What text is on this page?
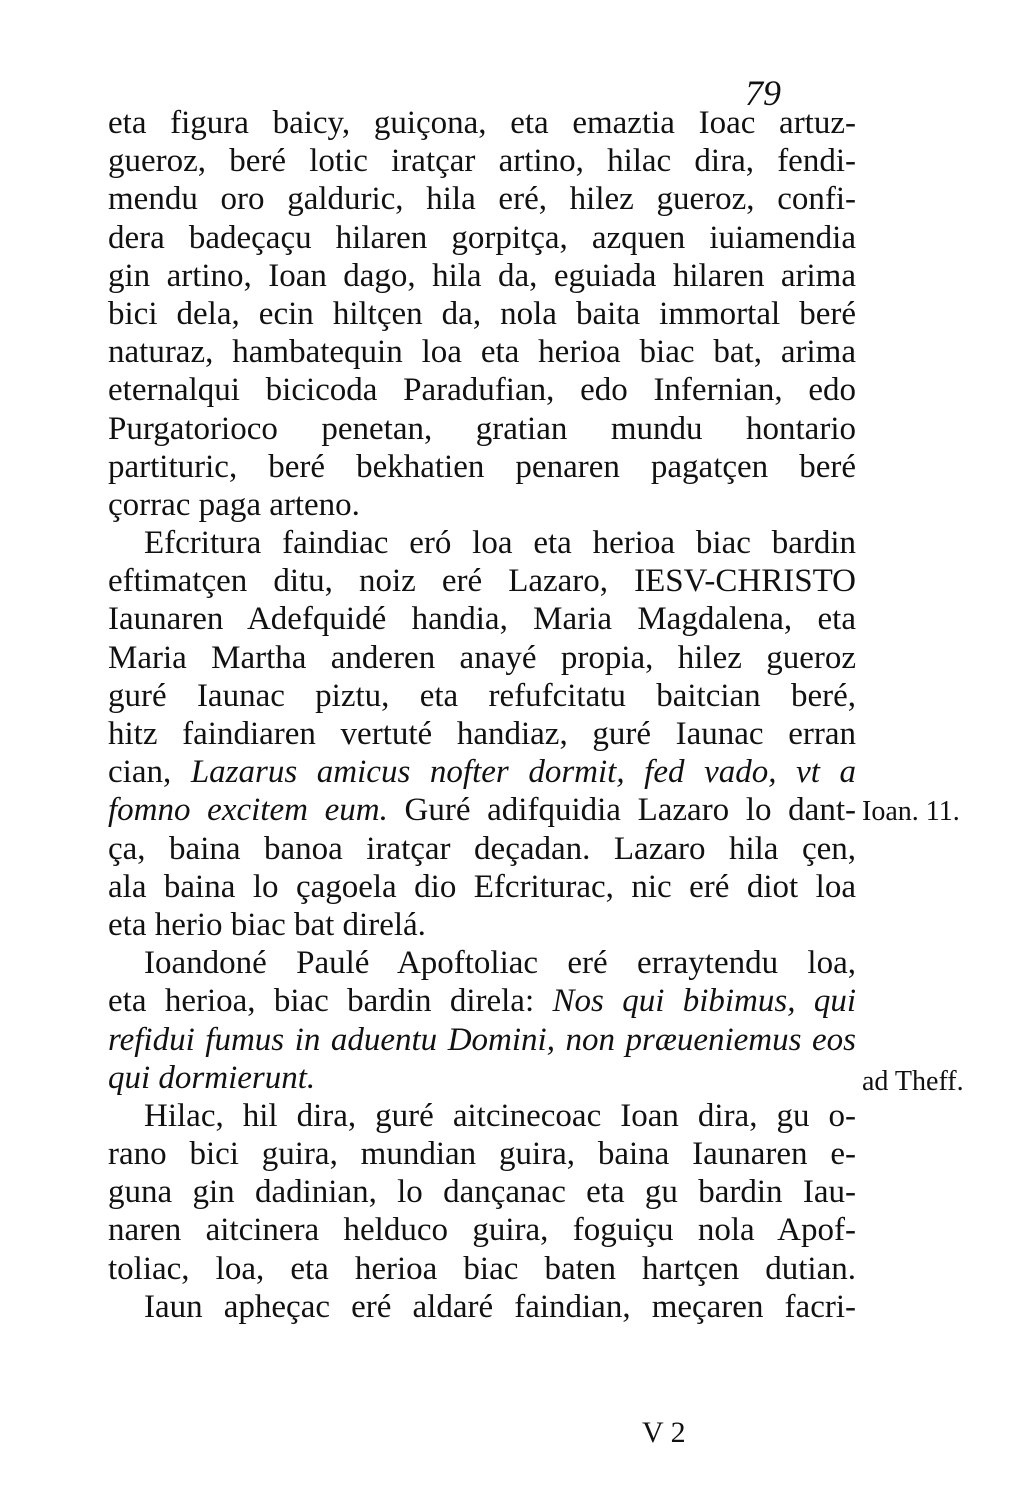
79
eta figura baicy, guiçona, eta emaztia Ioac artuz-
gueroz, beré lotic iratçar artino, hilac dira, fendi-
mendu oro galduric, hila eré, hilez gueroz, confi-
dera badeçaçu hilaren gorpitça, azquen iuiamendia
gin artino, Ioan dago, hila da, eguiada hilaren arima
bici dela, ecin hiltçen da, nola baita immortal beré
naturaz, hambatequin loa eta herioa biac bat, arima
eternalqui bicicoda Paradufian, edo Infernian, edo
Purgatorioco penetan, gratian mundu hontario
partituric, beré bekhatien penaren pagatçen beré
çorrac paga arteno.
Efcritura faindiac eró loa eta herioa biac bardin
eftimatçen ditu, noiz eré Lazaro, IESV-CHRISTO
Iaunaren Adefquidé handia, Maria Magdalena, eta
Maria Martha anderen anayé propia, hilez gueroz
guré Iaunac piztu, eta refufcitatu baitcian beré,
hitz faindiaren vertuté handiaz, guré Iaunac erran
cian, Lazarus amicus nofter dormit, fed vado, vt a
fomno excitem eum. Guré adifquidia Lazaro lo dant-
ça, baina banoa iratçar deçadan. Lazaro hila çen,
ala baina lo çagoela dio Efcriturac, nic eré diot loa
eta herio biac bat direlá.
Ioandoné Paulé Apoftoliac eré erraytendu loa,
eta herioa, biac bardin direla: Nos qui bibimus, qui
refidui fumus in aduentu Domini, non præueniemus eos
qui dormierunt.
Hilac, hil dira, guré aitcinecoac Ioan dira, gu o-
rano bici guira, mundian guira, baina Iaunaren e-
guna gin dadinian, lo dançanac eta gu bardin Iau-
naren aitcinera helduco guira, foguiçu nola Apof-
toliac, loa, eta herioa biac baten hartçen dutian.
Iaun apheçac eré aldaré faindian, meçaren facri-
Ioan. 11.
ad Theff.
V 2
